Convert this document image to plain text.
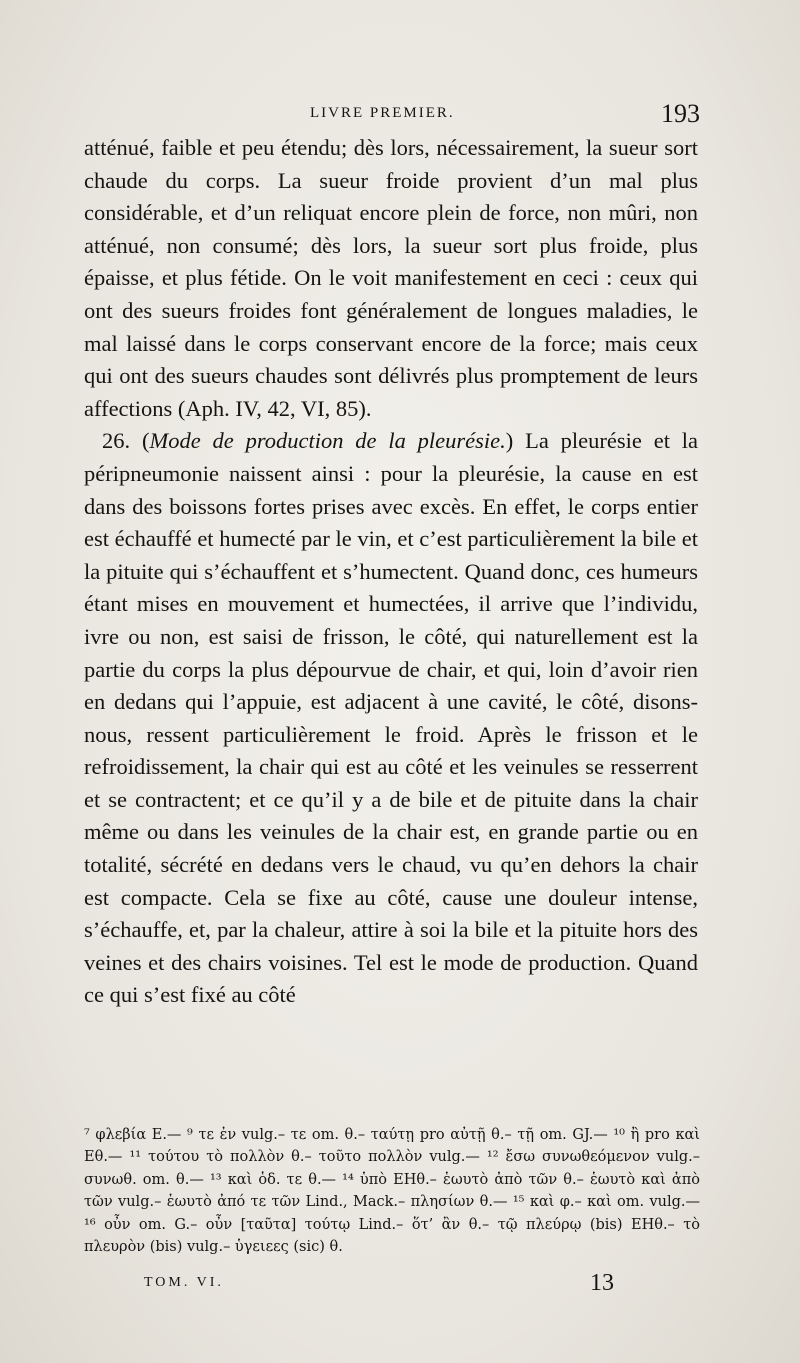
LIVRE PREMIER.	193

atténué, faible et peu étendu; dès lors, nécessairement, la sueur sort chaude du corps. La sueur froide provient d’un mal plus considérable, et d’un reliquat encore plein de force, non mûri, non atténué, non consumé; dès lors, la sueur sort plus froide, plus épaisse, et plus fétide. On le voit manifestement en ceci : ceux qui ont des sueurs froides font généralement de longues maladies, le mal laissé dans le corps conservant encore de la force; mais ceux qui ont des sueurs chaudes sont délivrés plus promptement de leurs affections (Aph. IV, 42, VI, 85).

26. (Mode de production de la pleurésie.) La pleurésie et la péripneumonie naissent ainsi : pour la pleurésie, la cause en est dans des boissons fortes prises avec excès. En effet, le corps entier est échauffé et humecté par le vin, et c’est particulièrement la bile et la pituite qui s’échauffent et s’humectent. Quand donc, ces humeurs étant mises en mouvement et humectées, il arrive que l’individu, ivre ou non, est saisi de frisson, le côté, qui naturellement est la partie du corps la plus dépourvue de chair, et qui, loin d’avoir rien en dedans qui l’appuie, est adjacent à une cavité, le côté, disons-nous, ressent particulièrement le froid. Après le frisson et le refroidissement, la chair qui est au côté et les veinules se resserrent et se contractent; et ce qu’il y a de bile et de pituite dans la chair même ou dans les veinules de la chair est, en grande partie ou en totalité, sécrété en dedans vers le chaud, vu qu’en dehors la chair est compacte. Cela se fixe au côté, cause une douleur intense, s’échauffe, et, par la chaleur, attire à soi la bile et la pituite hors des veines et des chairs voisines. Tel est le mode de production. Quand ce qui s’est fixé au côté

⁷ φλεβία E.— ⁹ τε ἐν vulg.– τε om. θ.– ταύτῃ pro αὐτῇ θ.– τῇ om. GJ.— ¹⁰ ἢ pro καὶ Eθ.— ¹¹ τούτου τὸ πολλὸν θ.– τοῦτο πολλὸν vulg.— ¹² ἔσω συνωθεόμενον vulg.– συνωθ. om. θ.— ¹³ καὶ ὁδ. τε θ.— ¹⁴ ὑπὸ EHθ.– ἑωυτὸ ἀπὸ τῶν θ.– ἑωυτὸ καὶ ἀπὸ τῶν vulg.– ἑωυτὸ ἀπό τε τῶν Lind., Mack.– πλησίων θ.— ¹⁵ καὶ φ.– καὶ om. vulg.— ¹⁶ οὖν om. G.– οὖν [ταῦτα] τούτῳ Lind.– ὅτ’ ἂν θ.– τῷ πλεύρῳ (bis) EHθ.– τὸ πλευρὸν (bis) vulg.– ὑγειεες (sic) θ.

TOM. VI.	13
